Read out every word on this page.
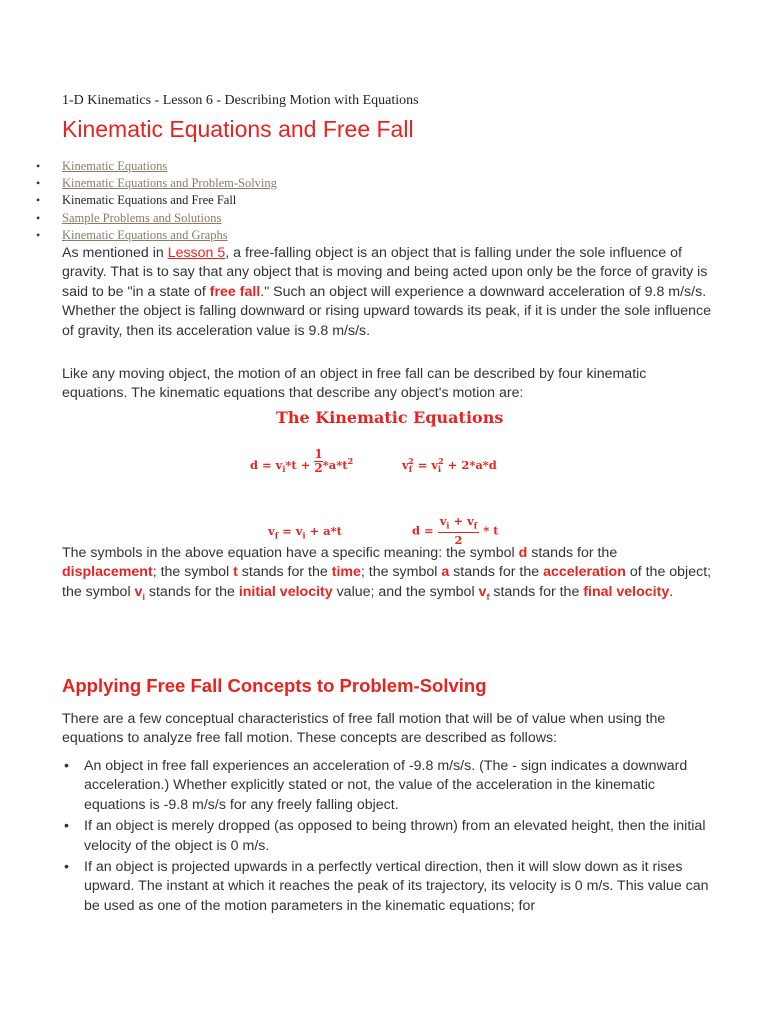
1-D Kinematics - Lesson 6 - Describing Motion with Equations
Kinematic Equations and Free Fall
• Kinematic Equations
• Kinematic Equations and Problem-Solving
• Kinematic Equations and Free Fall
• Sample Problems and Solutions
• Kinematic Equations and Graphs

As mentioned in Lesson 5, a free-falling object is an object that is falling under the sole influence of gravity. That is to say that any object that is moving and being acted upon only be the force of gravity is said to be "in a state of free fall." Such an object will experience a downward acceleration of 9.8 m/s/s. Whether the object is falling downward or rising upward towards its peak, if it is under the sole influence of gravity, then its acceleration value is 9.8 m/s/s.

Like any moving object, the motion of an object in free fall can be described by four kinematic equations. The kinematic equations that describe any object's motion are:

The Kinematic Equations
$d = v_i*t + \frac{1}{2} *a*t^2$	$v_f^2 = v_i^2 + 2*a*d$
$v_f = v_i + a*t$	$d = \frac{v_i + v_f}{2} * t$

The symbols in the above equation have a specific meaning: the symbol d stands for the displacement; the symbol t stands for the time; the symbol a stands for the acceleration of the object; the symbol $v_i$ stands for the initial velocity value; and the symbol $v_f$ stands for the final velocity.

Applying Free Fall Concepts to Problem-Solving

There are a few conceptual characteristics of free fall motion that will be of value when using the equations to analyze free fall motion. These concepts are described as follows:

• An object in free fall experiences an acceleration of -9.8 m/s/s. (The - sign indicates a downward acceleration.) Whether explicitly stated or not, the value of the acceleration in the kinematic equations is -9.8 m/s/s for any freely falling object.
• If an object is merely dropped (as opposed to being thrown) from an elevated height, then the initial velocity of the object is 0 m/s.
• If an object is projected upwards in a perfectly vertical direction, then it will slow down as it rises upward. The instant at which it reaches the peak of its trajectory, its velocity is 0 m/s. This value can be used as one of the motion parameters in the kinematic equations; for
